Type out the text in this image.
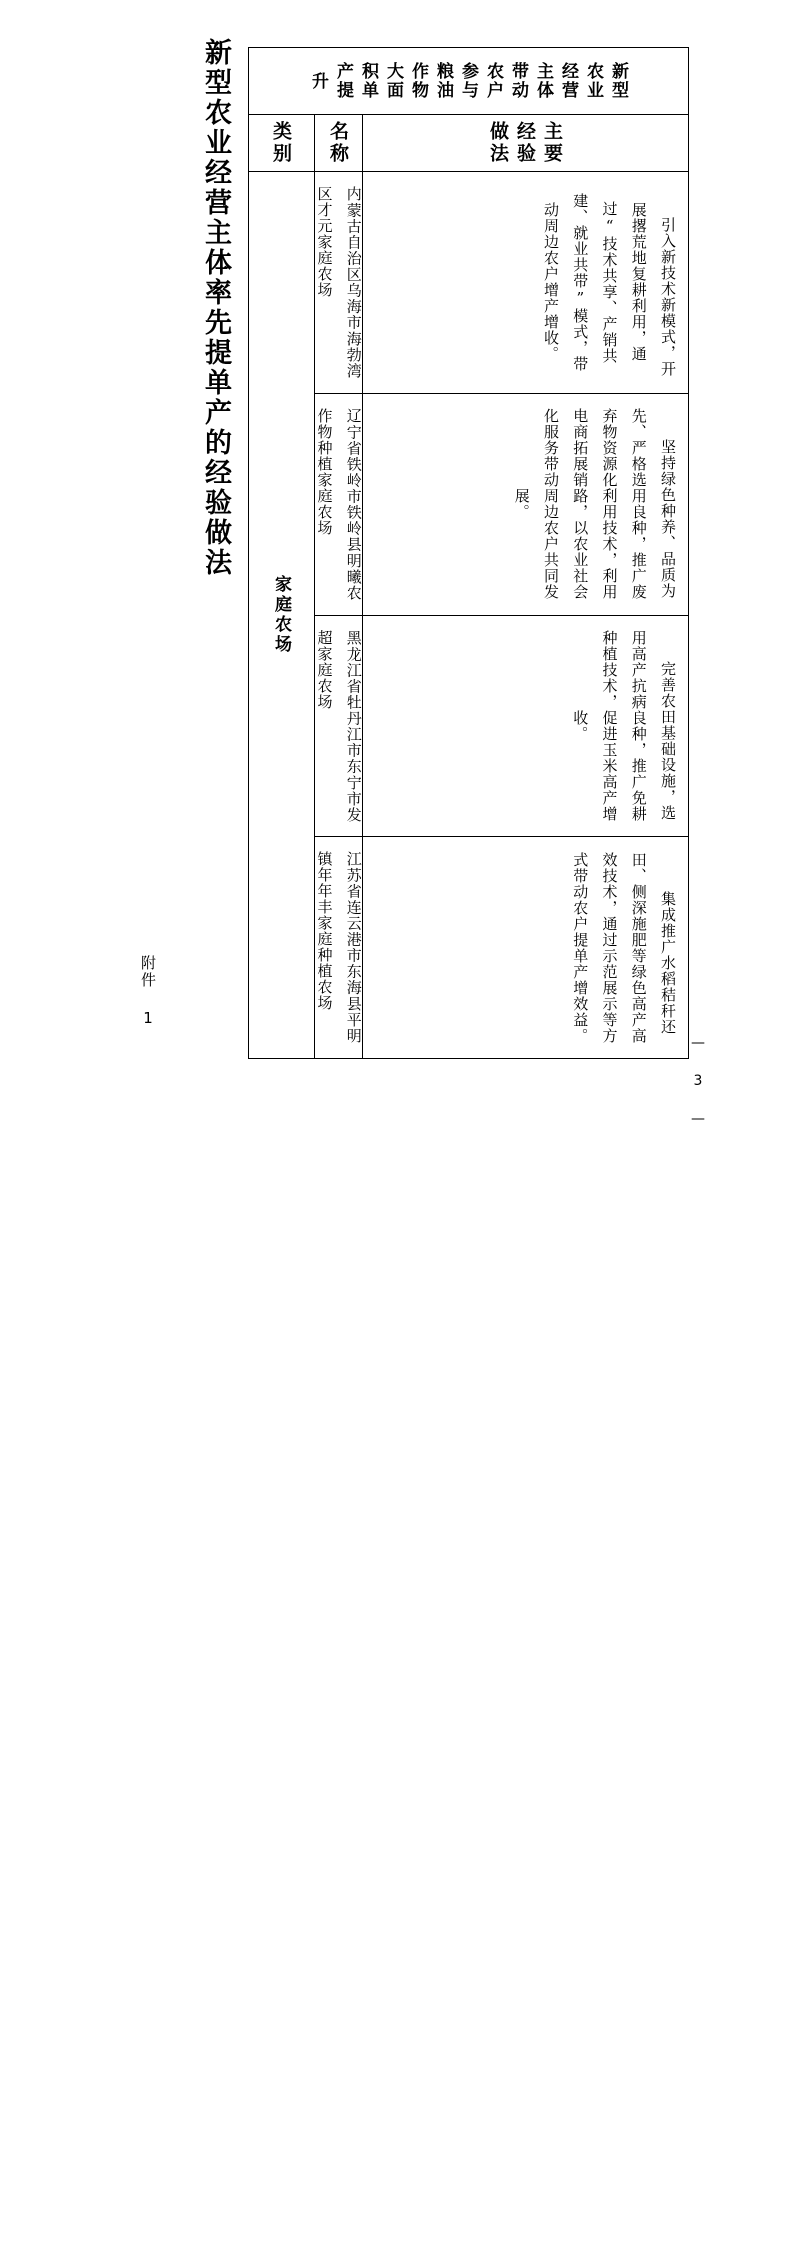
附件 1
新型农业经营主体率先提单产的经验做法
— 3 —
新型农业经营主体带动农户参与粮油作物大面积单产提升		

类别	名称	主要经验做法

家庭农场	内蒙古自治区乌海市海勃湾区才元家庭农场	引入新技术新模式，开展撂荒地复耕利用，通过“技术共享、产销共建、就业共带”模式，带动周边农户增产增收。

辽宁省铁岭市铁岭县明曦农作物种植家庭农场	坚持绿色种养、品质为先、严格选用良种，推广废弃物资源化利用技术，利用电商拓展销路，以农业社会化服务带动周边农户共同发展。

黑龙江省牡丹江市东宁市发超家庭农场	完善农田基础设施，选用高产抗病良种，推广免耕种植技术，促进玉米高产增收。

江苏省连云港市东海县平明镇年年丰家庭种植农场	集成推广水稻秸秆还田、侧深施肥等绿色高产高效技术，通过示范展示等方式带动农户提单产增效益。
